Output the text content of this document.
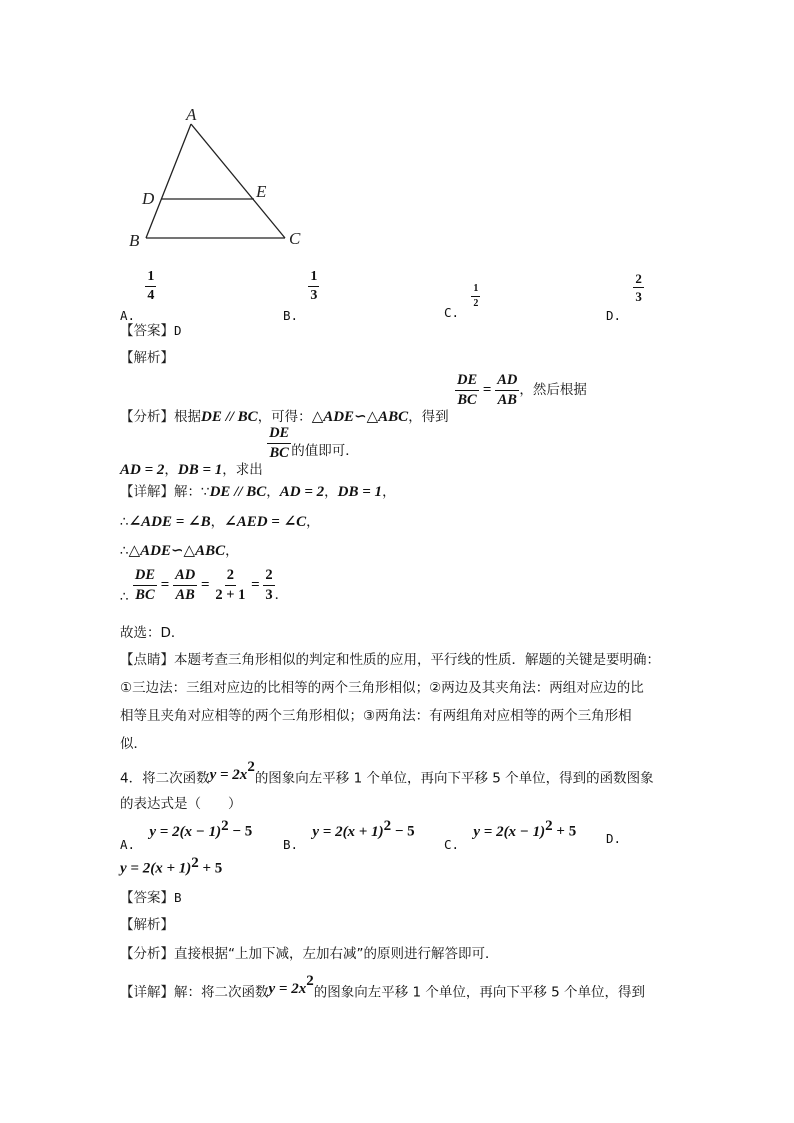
A
D	E
B	C
A.
$\frac{1}{4}$
B.
$\frac{1}{3}$
C.
$\frac{1}{2}$
D.
$\frac{2}{3}$
【答案】D
【解析】
【分析】根据DE // BC，可得：△ADE∽△ABC，得到
$\frac{DE}{BC} = \frac{AD}{AB}$ ，然后根据
AD = 2，DB = 1，求出
$\frac{DE}{BC}$ 的值即可．
【详解】解：∵DE // BC，AD = 2，DB = 1，
∴∠ADE = ∠B，∠AED = ∠C，
∴△ADE∽△ABC，
∴ $\frac{DE}{BC} = \frac{AD}{AB} = \frac{2}{2 + 1} = \frac{2}{3}$ ．
故选：D．
【点睛】本题考查三角形相似的判定和性质的应用，平行线的性质．解题的关键是要明确：
①三边法：三组对应边的比相等的两个三角形相似；②两边及其夹角法：两组对应边的比
相等且夹角对应相等的两个三角形相似；③两角法：有两组角对应相等的两个三角形相
似．
4．将二次函数$y = 2x^2$的图象向左平移 1 个单位，再向下平移 5 个单位，得到的函数图象
的表达式是（　　）
A. $y = 2(x - 1)^2 - 5$
B. $y = 2(x + 1)^2 - 5$
C. $y = 2(x - 1)^2 + 5$ D.
$y = 2(x + 1)^2 + 5$
【答案】B
【解析】
【分析】直接根据“上加下减，左加右减”的原则进行解答即可．
【详解】解：将二次函数$y = 2x^2$的图象向左平移 1 个单位，再向下平移 5 个单位，得到
